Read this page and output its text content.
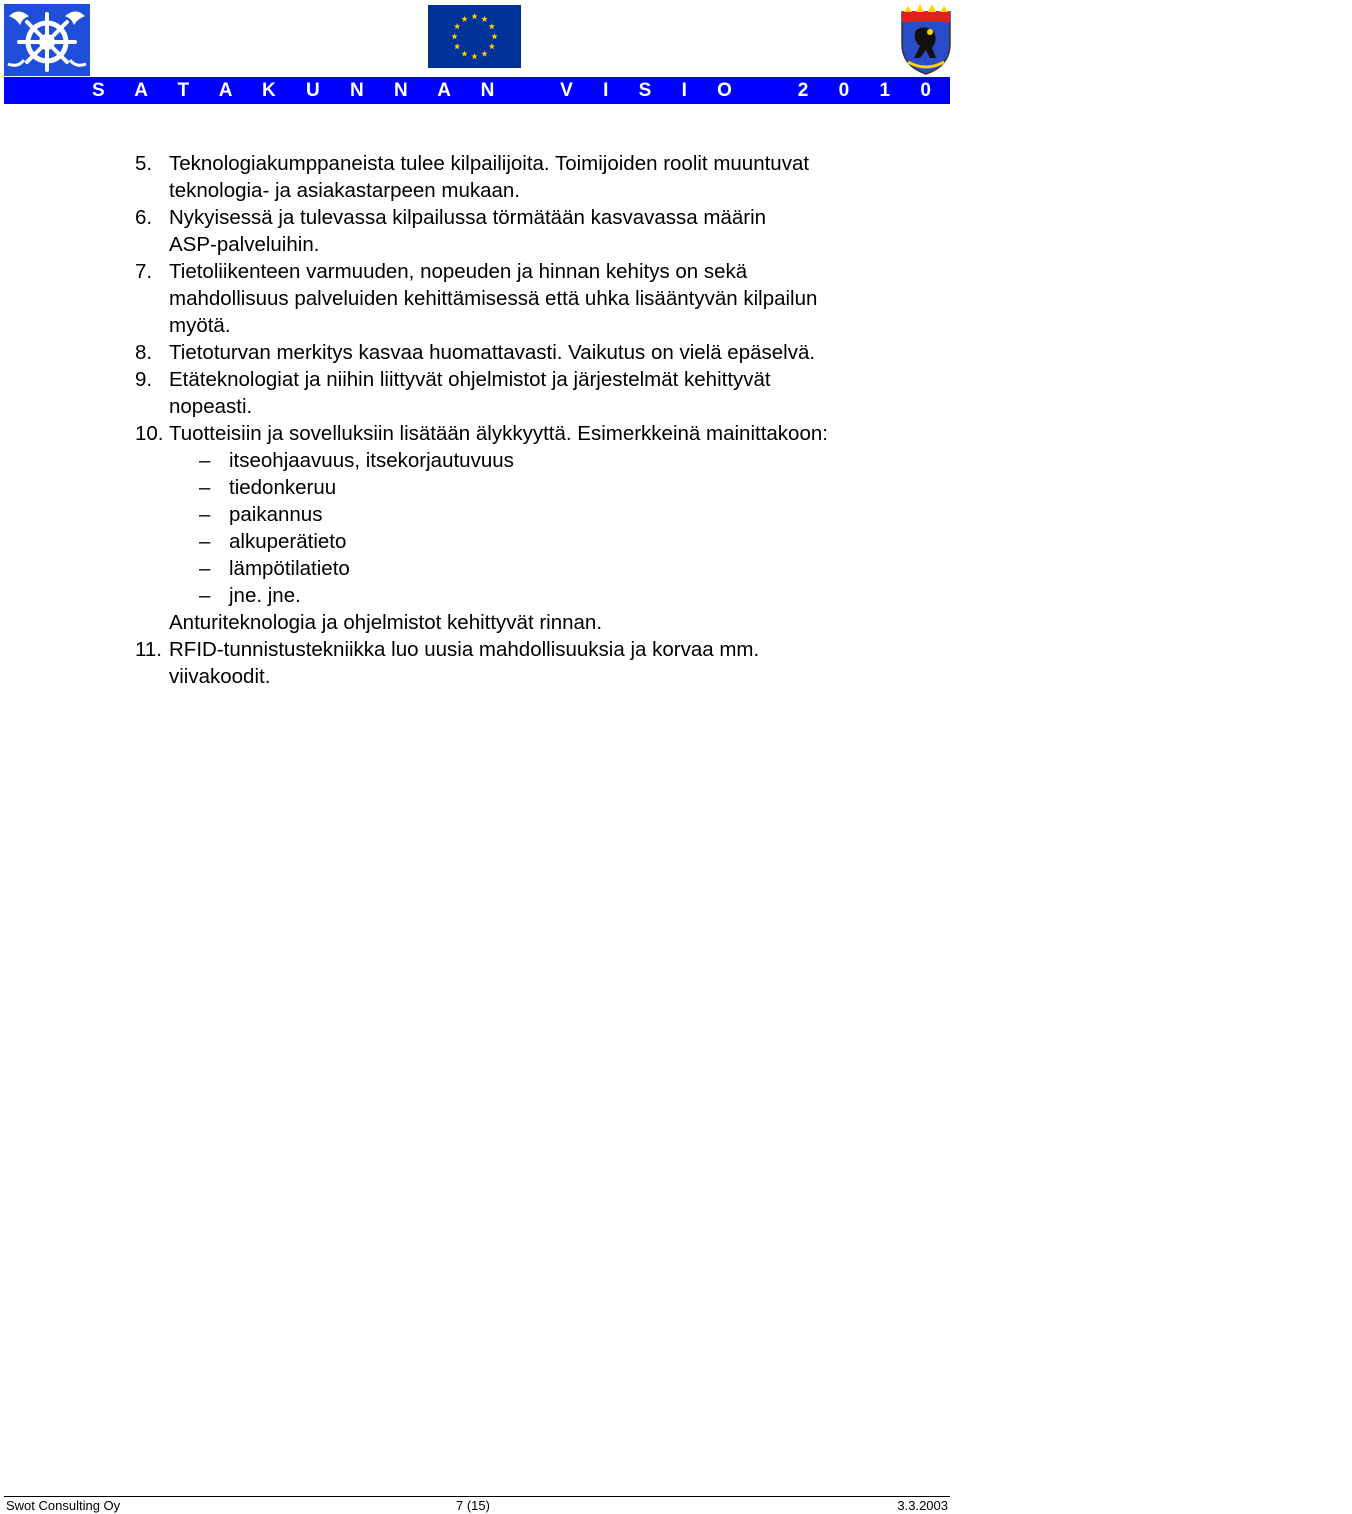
S A T A K U N N A N   V I S I O   2 0 1 0   - P R O J E K T I
5. Teknologiakumppaneista tulee kilpailijoita. Toimijoiden roolit muuntuvat
teknologia- ja asiakastarpeen mukaan.
6. Nykyisessä ja tulevassa kilpailussa törmätään kasvavassa määrin
ASP-palveluihin.
7. Tietoliikenteen varmuuden, nopeuden ja hinnan kehitys on sekä
mahdollisuus palveluiden kehittämisessä että uhka lisääntyvän kilpailun
myötä.
8. Tietoturvan merkitys kasvaa huomattavasti. Vaikutus on vielä epäselvä.
9. Etäteknologiat ja niihin liittyvät ohjelmistot ja järjestelmät kehittyvät
nopeasti.
10. Tuotteisiin ja sovelluksiin lisätään älykkyyttä. Esimerkkeinä mainittakoon:
– itseohjaavuus, itsekorjautuvuus
– tiedonkeruu
– paikannus
– alkuperätieto
– lämpötilatieto
– jne. jne.
Anturiteknologia ja ohjelmistot kehittyvät rinnan.
11. RFID-tunnistustekniikka luo uusia mahdollisuuksia ja korvaa mm.
viivakoodit.
Swot Consulting Oy	7 (15)	3.3.2003
